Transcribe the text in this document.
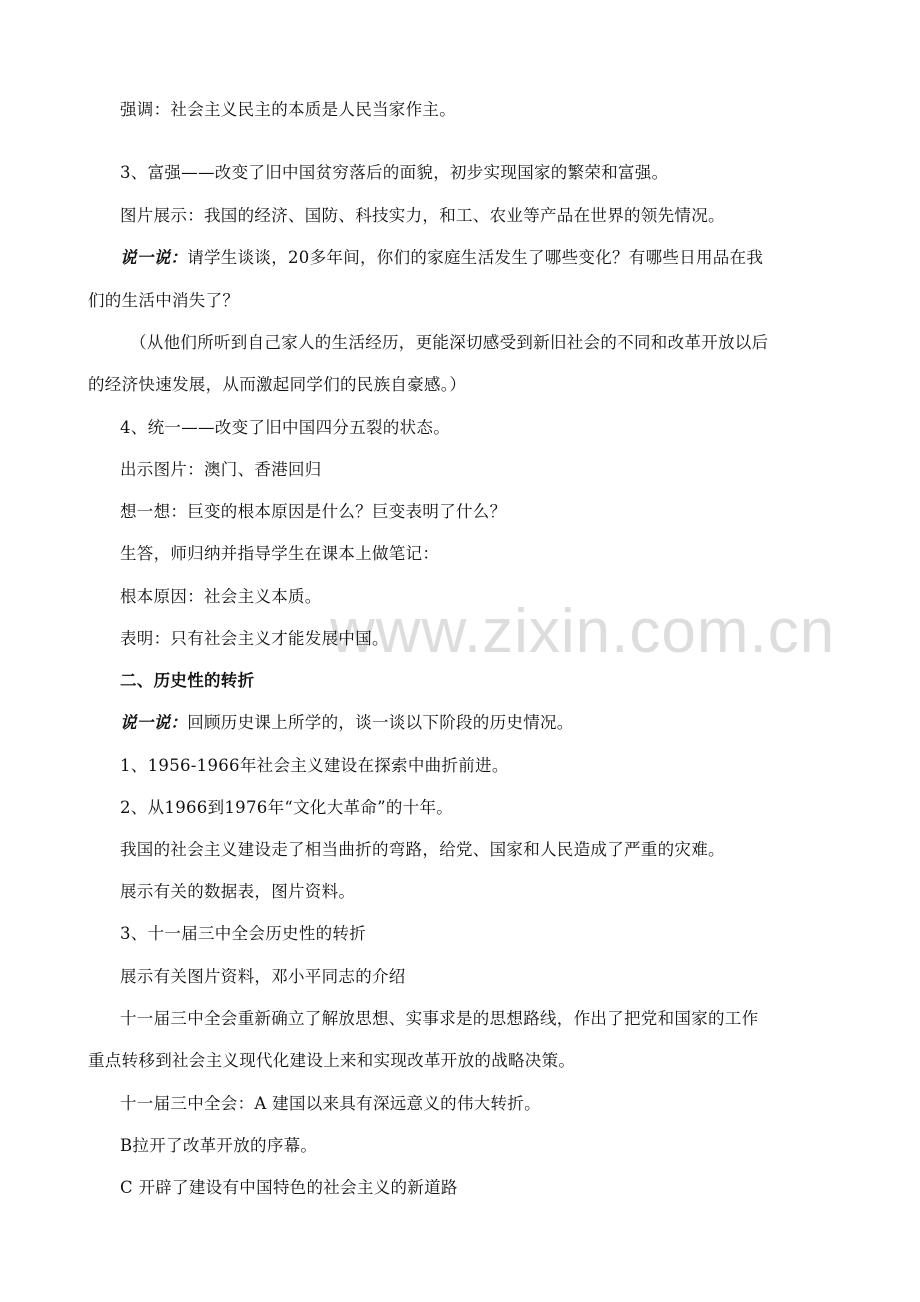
www.zixin.com.cn
强调：社会主义民主的本质是人民当家作主。
3、富强——改变了旧中国贫穷落后的面貌，初步实现国家的繁荣和富强。
图片展示：我国的经济、国防、科技实力，和工、农业等产品在世界的领先情况。
说一说：请学生谈谈，20多年间，你们的家庭生活发生了哪些变化？有哪些日用品在我
们的生活中消失了？
（从他们所听到自己家人的生活经历，更能深切感受到新旧社会的不同和改革开放以后
的经济快速发展，从而激起同学们的民族自豪感。）
4、统一——改变了旧中国四分五裂的状态。
出示图片：澳门、香港回归
想一想：巨变的根本原因是什么？巨变表明了什么？
生答，师归纳并指导学生在课本上做笔记：
根本原因：社会主义本质。
表明：只有社会主义才能发展中国。
二、历史性的转折
说一说：回顾历史课上所学的，谈一谈以下阶段的历史情况。
1、1956-1966年社会主义建设在探索中曲折前进。
2、从1966到1976年“文化大革命”的十年。
我国的社会主义建设走了相当曲折的弯路，给党、国家和人民造成了严重的灾难。
展示有关的数据表，图片资料。
3、十一届三中全会历史性的转折
展示有关图片资料，邓小平同志的介绍
十一届三中全会重新确立了解放思想、实事求是的思想路线，作出了把党和国家的工作
重点转移到社会主义现代化建设上来和实现改革开放的战略决策。
十一届三中全会：A 建国以来具有深远意义的伟大转折。
B拉开了改革开放的序幕。
C 开辟了建设有中国特色的社会主义的新道路
